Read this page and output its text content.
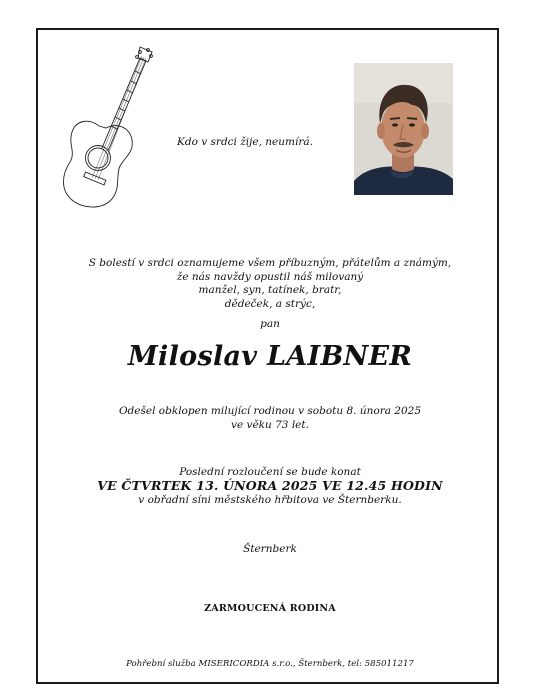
Kdo v srdci žije, neumírá.
S bolestí v srdci oznamujeme všem příbuzným, přátelům a známým,
že nás navždy opustil náš milovaný
manžel, syn, tatínek, bratr,
dědeček, a strýc,
pan
Miloslav LAIBNER
Odešel obklopen milující rodinou v sobotu 8. února 2025
ve věku 73 let.
Poslední rozloučení se bude konat
VE ČTVRTEK 13. ÚNORA 2025 VE 12.45 HODIN
v obřadní síni městského hřbitova ve Šternberku.
Šternberk
ZARMOUCENÁ RODINA
Pohřební služba MISERICORDIA s.r.o., Šternberk, tel: 585011217
